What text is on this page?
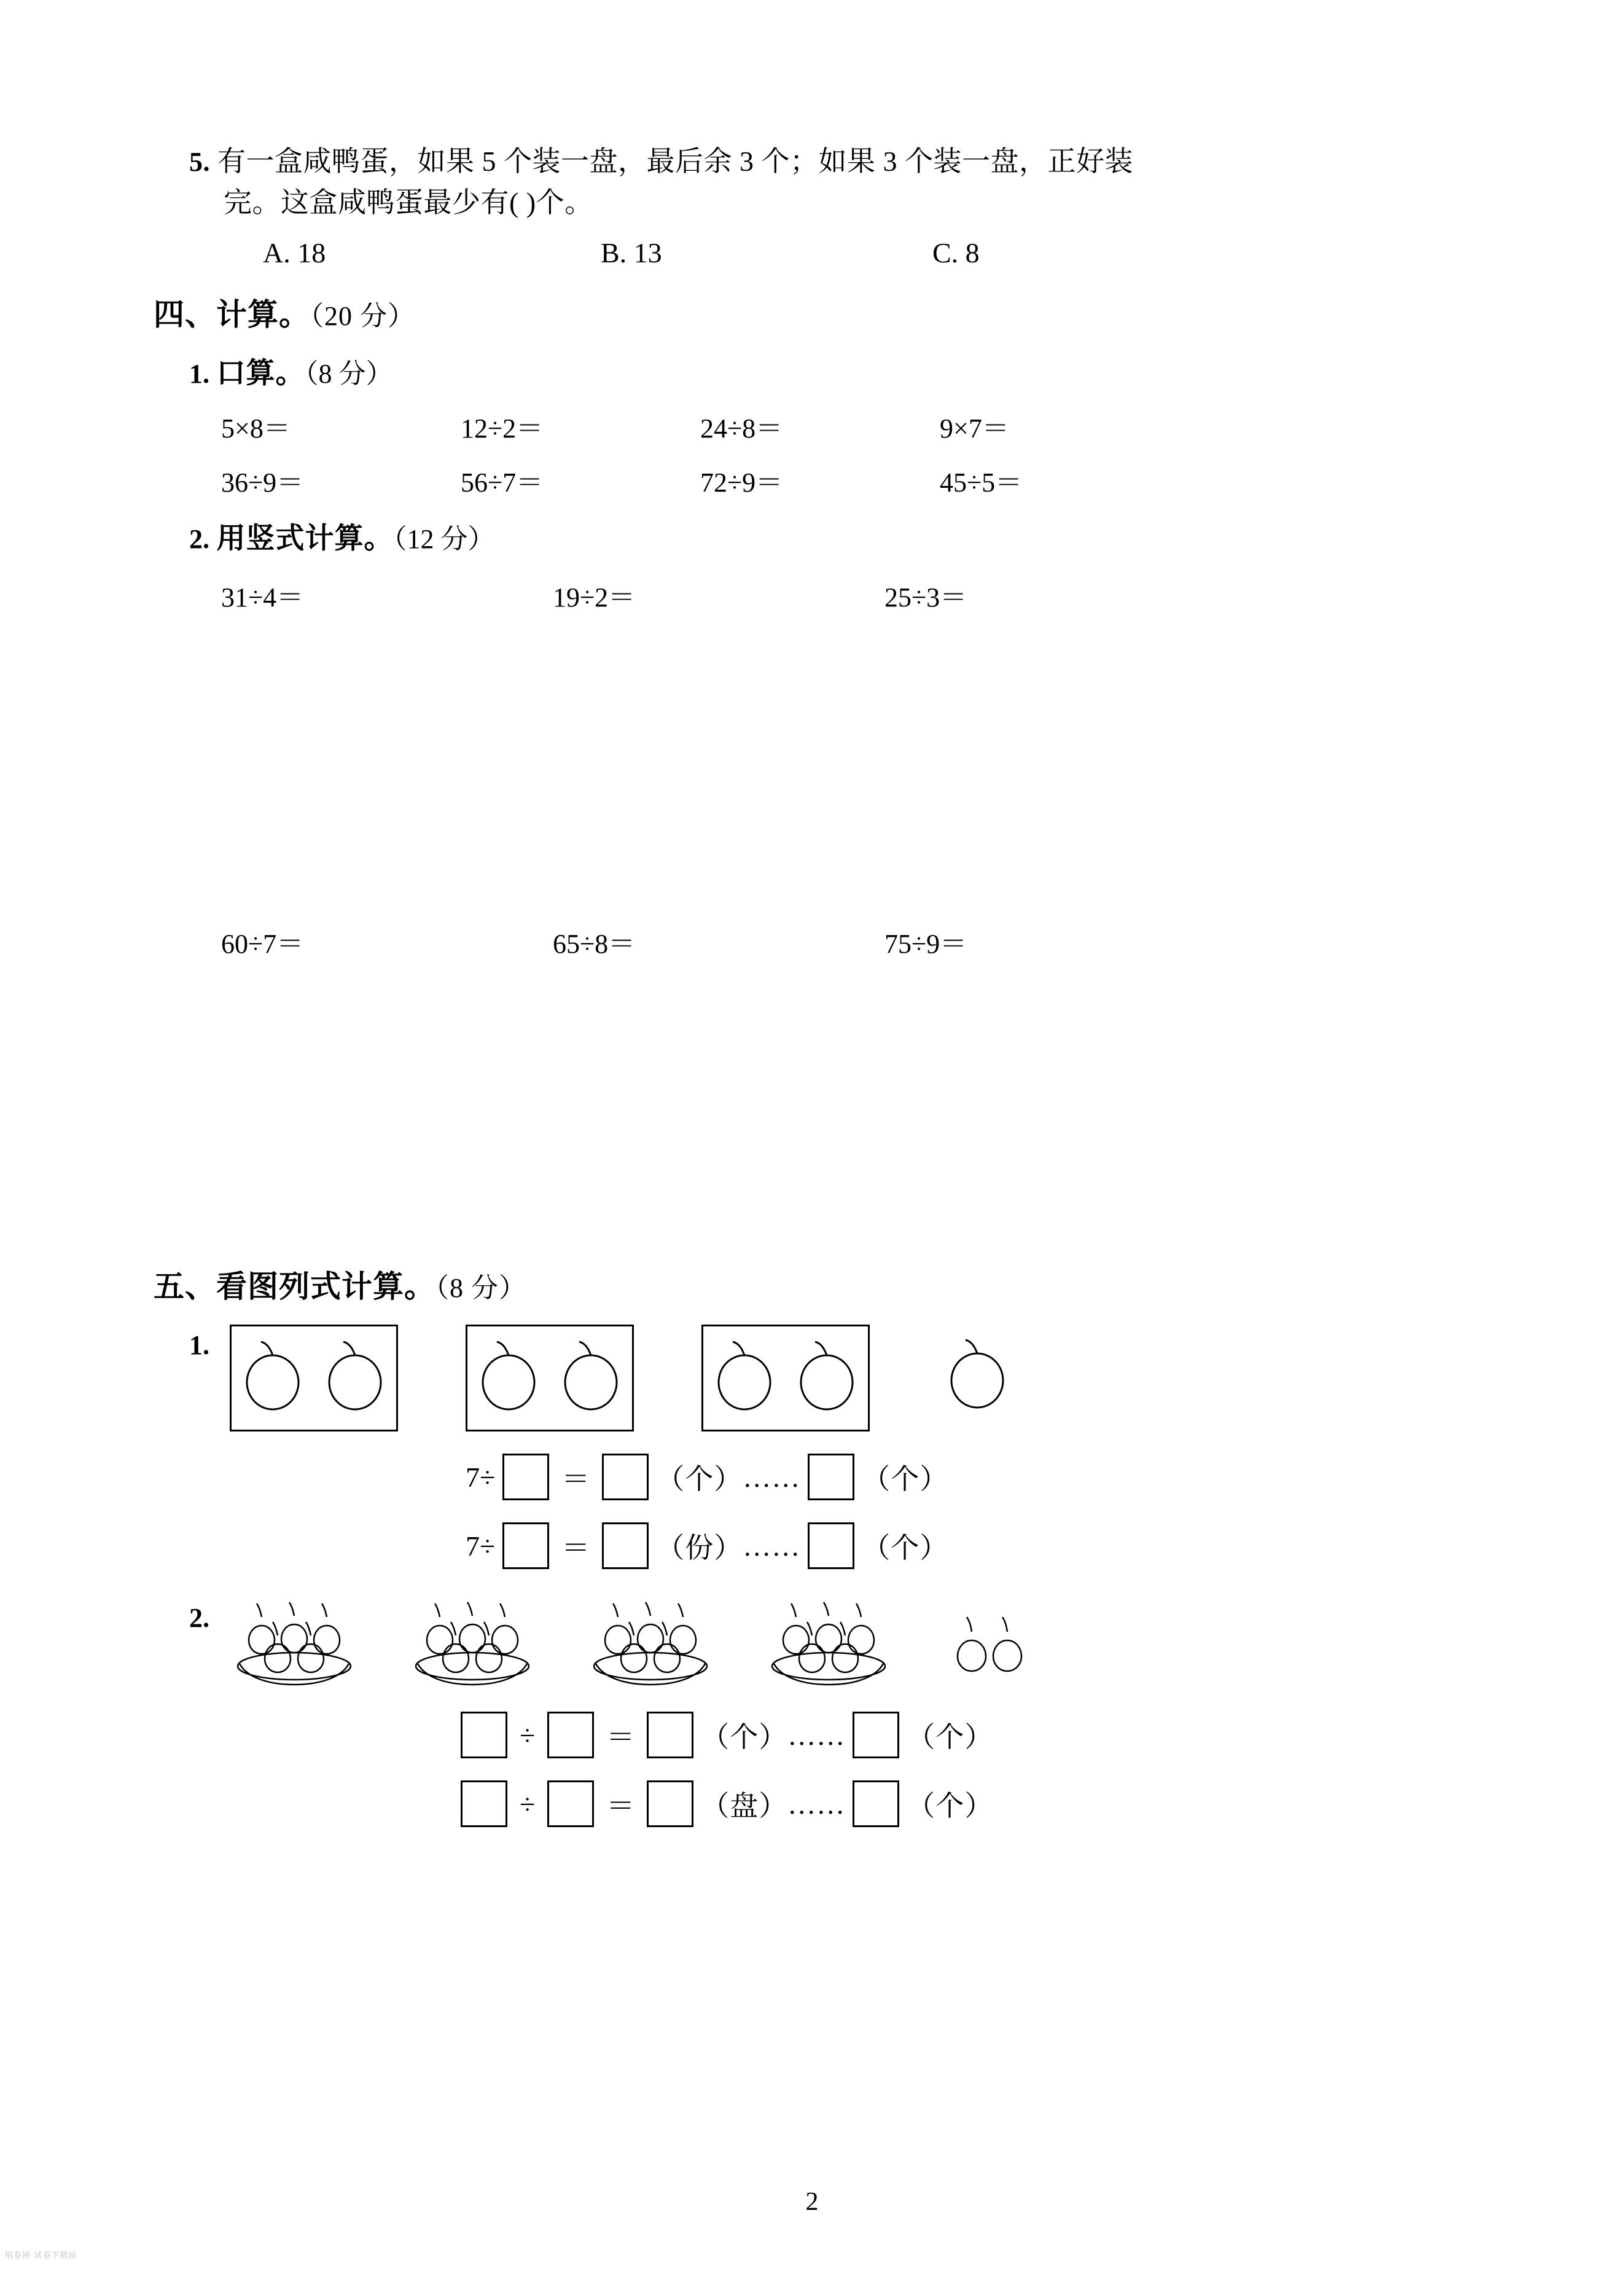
5. 有一盒咸鸭蛋，如果 5 个装一盘，最后余 3 个；如果 3 个装一盘，正好装
完。这盒咸鸭蛋最少有( )个。
A. 18	B. 13	C. 8
四、计算。（20 分）
1. 口算。（8 分）
5×8＝	12÷2＝	24÷8＝	9×7＝
36÷9＝	56÷7＝	72÷9＝	45÷5＝
2. 用竖式计算。（12 分）
31÷4＝	19÷2＝	25÷3＝
60÷7＝	65÷8＝	75÷9＝
五、看图列式计算。（8 分）
1.
7÷ ＝ （个） …… （个）
7÷ ＝ （份） …… （个）
2.
÷	＝ （个） …… （个）
÷	＝ （盘） …… （个）
2
组卷网·试卷下载站
